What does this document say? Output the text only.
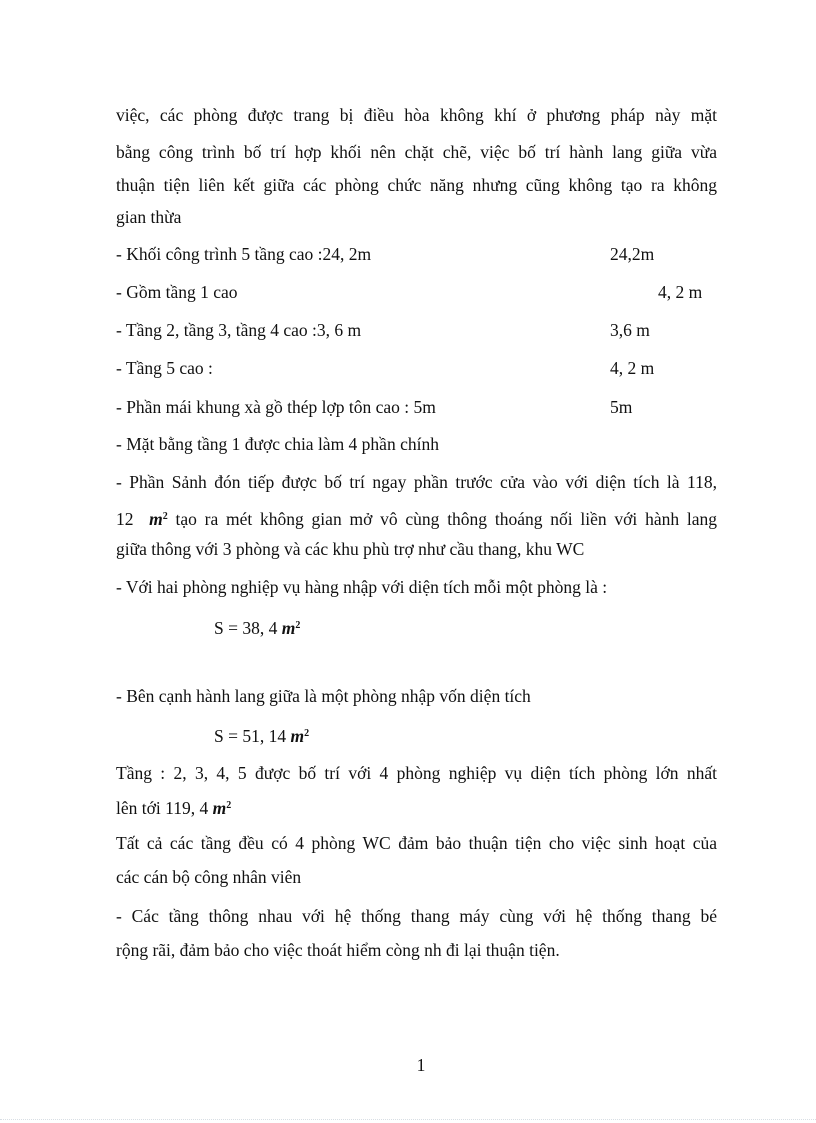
việc, các phòng được trang bị điều hòa không khí ở phương pháp này mặt
bằng công trình bố trí hợp khối nên chặt chẽ, việc bố trí hành lang giữa vừa
thuận tiện liên kết giữa các phòng chức năng nhưng cũng không tạo ra không
gian thừa
- Khối công trình 5 tầng cao :24, 2m	24,2m
- Gồm tầng 1 cao	4, 2 m
- Tầng 2, tầng 3, tầng 4 cao :3, 6 m	3,6 m
- Tầng 5 cao :	4, 2 m
- Phần mái khung xà gồ thép lợp tôn cao : 5m	5m
- Mặt bằng tầng 1 được chia làm 4 phần chính
- Phần Sảnh đón tiếp được bố trí ngay phần trước cửa vào với diện tích là 118,
12 $m^2$ tạo ra mét không gian mở vô cùng thông thoáng nối liền với hành lang
giữa thông với 3 phòng và các khu phù trợ như cầu thang, khu WC
- Với hai phòng nghiệp vụ hàng nhập với diện tích mỗi một phòng là :
S = 38, 4 $m^2$
- Bên cạnh hành lang giữa là một phòng nhập vốn diện tích
S = 51, 14 $m^2$
Tầng : 2, 3, 4, 5 được bố trí với 4 phòng nghiệp vụ diện tích phòng lớn nhất
lên tới 119, 4 $m^2$
Tất cả các tầng đều có 4 phòng WC đảm bảo thuận tiện cho việc sinh hoạt của
các cán bộ công nhân viên
- Các tầng thông nhau với hệ thống thang máy cùng với hệ thống thang bé
rộng rãi, đảm bảo cho việc thoát hiểm còng nh đi lại thuận tiện.
1
